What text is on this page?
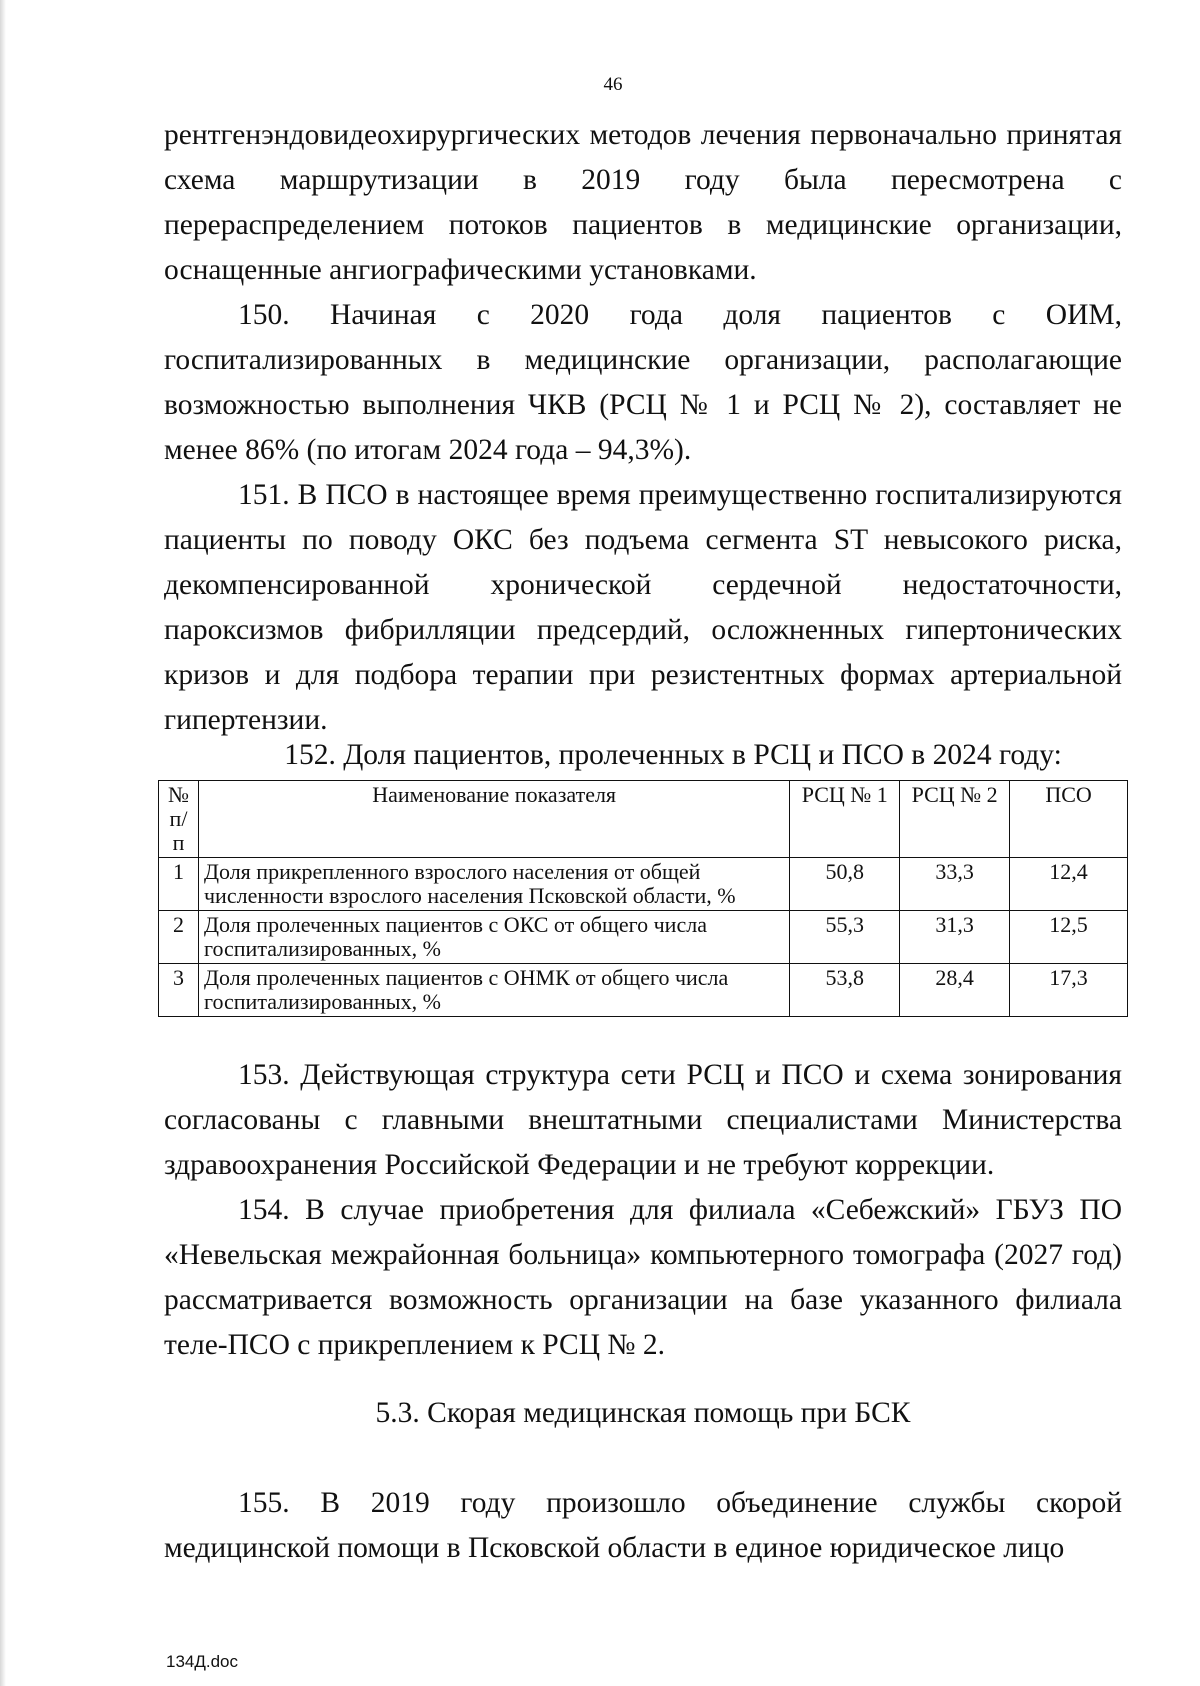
46

рентгенэндовидеохирургических методов лечения первоначально принятая схема маршрутизации в 2019 году была пересмотрена с перераспределением потоков пациентов в медицинские организации, оснащенные ангиографическими установками.

150. Начиная с 2020 года доля пациентов с ОИМ, госпитализированных в медицинские организации, располагающие возможностью выполнения ЧКВ (РСЦ № 1 и РСЦ № 2), составляет не менее 86% (по итогам 2024 года – 94,3%).

151. В ПСО в настоящее время преимущественно госпитализируются пациенты по поводу ОКС без подъема сегмента ST невысокого риска, декомпенсированной хронической сердечной недостаточности, пароксизмов фибрилляции предсердий, осложненных гипертонических кризов и для подбора терапии при резистентных формах артериальной гипертензии.

152. Доля пациентов, пролеченных в РСЦ и ПСО в 2024 году:
№ п/п	Наименование показателя	РСЦ № 1	РСЦ № 2	ПСО
1	Доля прикрепленного взрослого населения от общей численности взрослого населения Псковской области, %	50,8	33,3	12,4
2	Доля пролеченных пациентов с ОКС от общего числа госпитализированных, %	55,3	31,3	12,5
3	Доля пролеченных пациентов с ОНМК от общего числа госпитализированных, %	53,8	28,4	17,3

153. Действующая структура сети РСЦ и ПСО и схема зонирования согласованы с главными внештатными специалистами Министерства здравоохранения Российской Федерации и не требуют коррекции.

154. В случае приобретения для филиала «Себежский» ГБУЗ ПО «Невельская межрайонная больница» компьютерного томографа (2027 год) рассматривается возможность организации на базе указанного филиала теле-ПСО с прикреплением к РСЦ № 2.

5.3. Скорая медицинская помощь при БСК

155. В 2019 году произошло объединение службы скорой медицинской помощи в Псковской области в единое юридическое лицо

134Д.doc
